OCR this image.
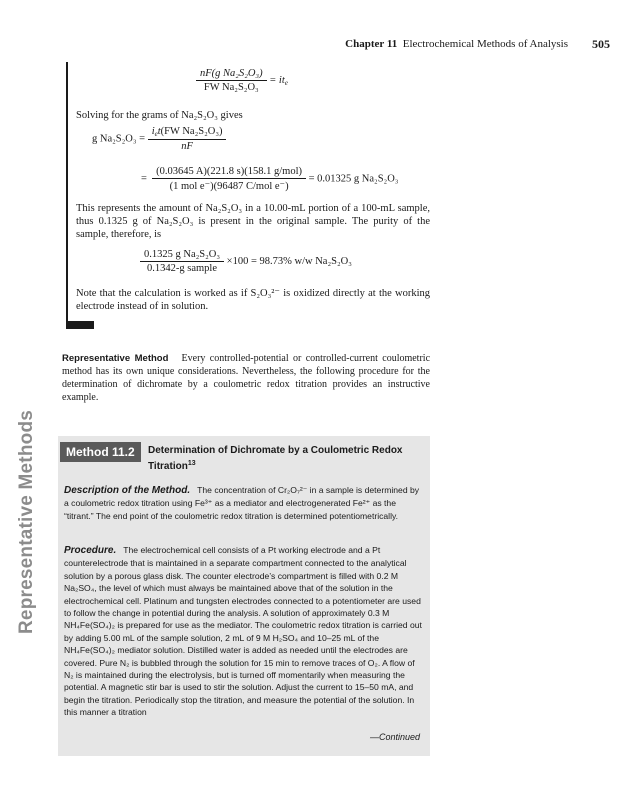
Chapter 11 Electrochemical Methods of Analysis 505
$\frac{\text{nF(g Na₂S₂O₃)}}{\text{FW Na₂S₂O₃}} = it_e$
Solving for the grams of Na₂S₂O₃ gives
g $Na_2S_2O_3 = \frac{i_et(FW Na_2S_2O_3)}{nF}$
= $\frac{\text{(0.03645 A)(221.8 s)(158.1 g/mol)}}{\text{(1 mol e⁻)(96487 C/mol e⁻)}} = 0.01325$ g Na₂S₂O₃
This represents the amount of Na₂S₂O₃ in a 10.00-mL portion of a 100-mL sample, thus 0.1325 g of Na₂S₂O₃ is present in the original sample. The purity of the sample, therefore, is
$\frac{\text{0.1325 g Na₂S₂O₃}}{\text{0.1342-g sample}} \times 100 = 98.73\%$ w/w Na₂S₂O₃
Note that the calculation is worked as if S₂O₃²⁻ is oxidized directly at the working electrode instead of in solution.
Representative Method Every controlled-potential or controlled-current coulometric method has its own unique considerations. Nevertheless, the following procedure for the determination of dichromate by a coulometric redox titration provides an instructive example.
Representative Methods	Method 11.2	Determination of Dichromate by a Coulometric Redox Titration$^{13}$
Description of the Method. The concentration of Cr₂O₇²⁻ in a sample is determined by a coulometric redox titration using Fe³⁺ as a mediator and electrogenerated Fe²⁺ as the “titrant.” The end point of the coulometric redox titration is determined potentiometrically.
Procedure. The electrochemical cell consists of a Pt working electrode and a Pt counterelectrode that is maintained in a separate compartment connected to the analytical solution by a porous glass disk. The counter electrode’s compartment is filled with 0.2 M Na₂SO₄, the level of which must always be maintained above that of the solution in the electrochemical cell. Platinum and tungsten electrodes connected to a potentiometer are used to follow the change in potential during the analysis. A solution of approximately 0.3 M NH₄Fe(SO₄)₂ is prepared for use as the mediator. The coulometric redox titration is carried out by adding 5.00 mL of the sample solution, 2 mL of 9 M H₂SO₄ and 10–25 mL of the NH₄Fe(SO₄)₂ mediator solution. Distilled water is added as needed until the electrodes are covered. Pure N₂ is bubbled through the solution for 15 min to remove traces of O₂. A flow of N₂ is maintained during the electrolysis, but is turned off momentarily when measuring the potential. A magnetic stir bar is used to stir the solution. Adjust the current to 15–50 mA, and begin the titration. Periodically stop the titration, and measure the potential of the solution. In this manner a titration
—Continued
